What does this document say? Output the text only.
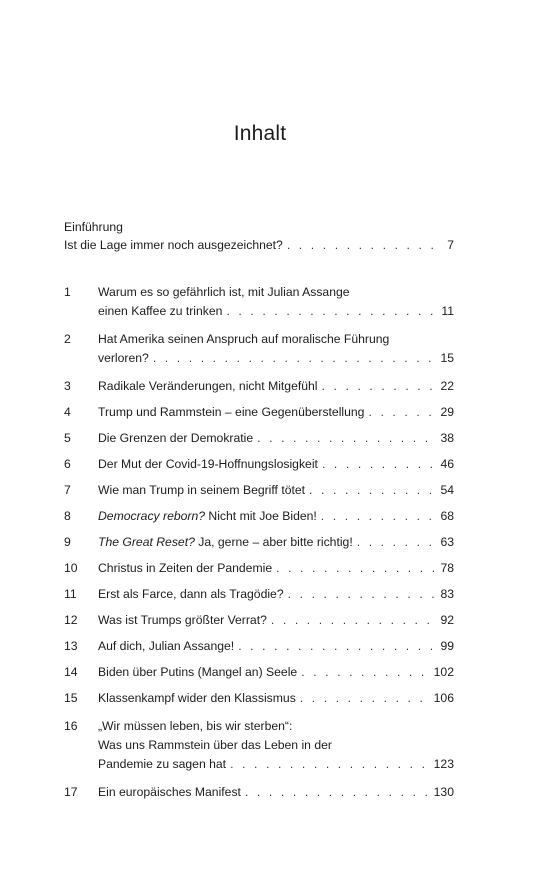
Inhalt
Einführung
Ist die Lage immer noch ausgezeichnet? . . .	7
1	Warum es so gefährlich ist, mit Julian Assange
einen Kaffee zu trinken . . .	11
2	Hat Amerika seinen Anspruch auf moralische Führung
verloren? . . .	15
3	Radikale Veränderungen, nicht Mitgefühl . . .	22
4	Trump und Rammstein – eine Gegenüberstellung . . .	29
5	Die Grenzen der Demokratie . . .	38
6	Der Mut der Covid-19-Hoffnungslosigkeit . . .	46
7	Wie man Trump in seinem Begriff tötet . . .	54
8	Democracy reborn? Nicht mit Joe Biden! . . .	68
9	The Great Reset? Ja, gerne – aber bitte richtig! . . .	63
10	Christus in Zeiten der Pandemie . . .	78
11	Erst als Farce, dann als Tragödie? . . .	83
12	Was ist Trumps größter Verrat? . . .	92
13	Auf dich, Julian Assange! . . .	99
14	Biden über Putins (Mangel an) Seele . . .	102
15	Klassenkampf wider den Klassismus . . .	106
16	„Wir müssen leben, bis wir sterben“:
Was uns Rammstein über das Leben in der
Pandemie zu sagen hat . . .	123
17	Ein europäisches Manifest . . .	130
